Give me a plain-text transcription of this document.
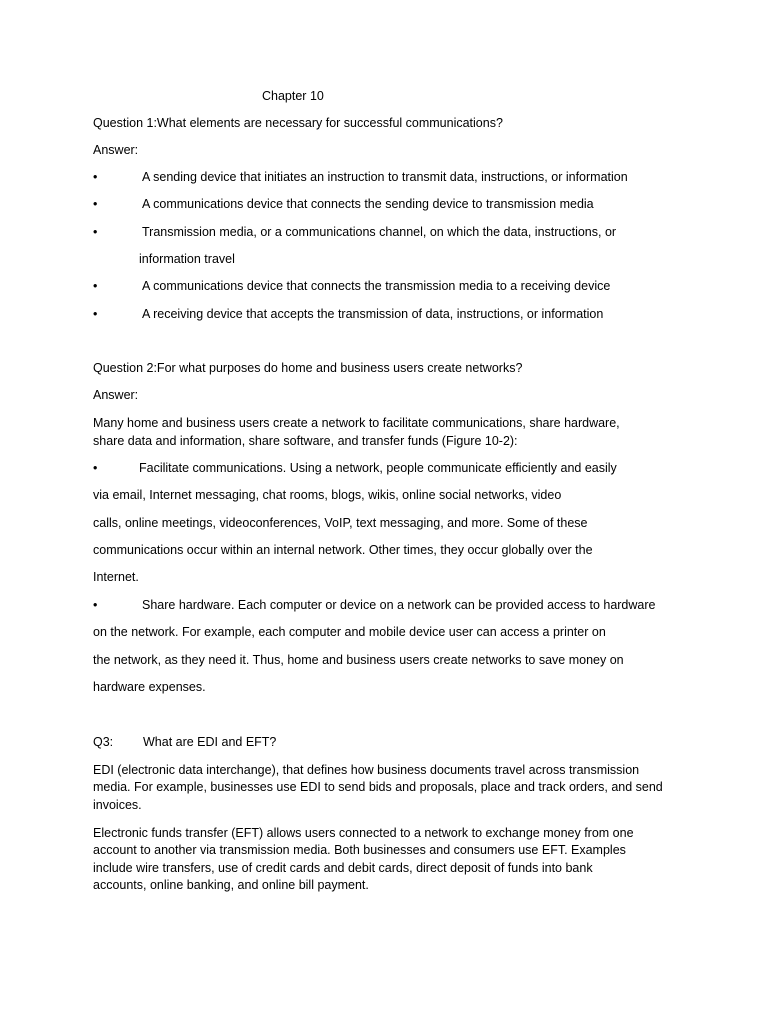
Chapter 10
Question 1:What elements are necessary for successful communications?
Answer:
•	A sending device that initiates an instruction to transmit data, instructions, or information
•	A communications device that connects the sending device to transmission media
•	Transmission media, or a communications channel, on which the data, instructions, or
information travel
•	A communications device that connects the transmission media to a receiving device
•	A receiving device that accepts the transmission of data, instructions, or information
Question 2:For what purposes do home and business users create networks?
Answer:
Many home and business users create a network to facilitate communications, share hardware,
share data and information, share software, and transfer funds (Figure 10-2):
•	Facilitate communications. Using a network, people communicate efficiently and easily
via email, Internet messaging, chat rooms, blogs, wikis, online social networks, video
calls, online meetings, videoconferences, VoIP, text messaging, and more. Some of these
communications occur within an internal network. Other times, they occur globally over the
Internet.
•	Share hardware. Each computer or device on a network can be provided access to hardware
on the network. For example, each computer and mobile device user can access a printer on
the network, as they need it. Thus, home and business users create networks to save money on
hardware expenses.
Q3: What are EDI and EFT?
EDI (electronic data interchange), that defines how business documents travel across transmission
media. For example, businesses use EDI to send bids and proposals, place and track orders, and send
invoices.
Electronic funds transfer (EFT) allows users connected to a network to exchange money from one
account to another via transmission media. Both businesses and consumers use EFT. Examples
include wire transfers, use of credit cards and debit cards, direct deposit of funds into bank
accounts, online banking, and online bill payment.
